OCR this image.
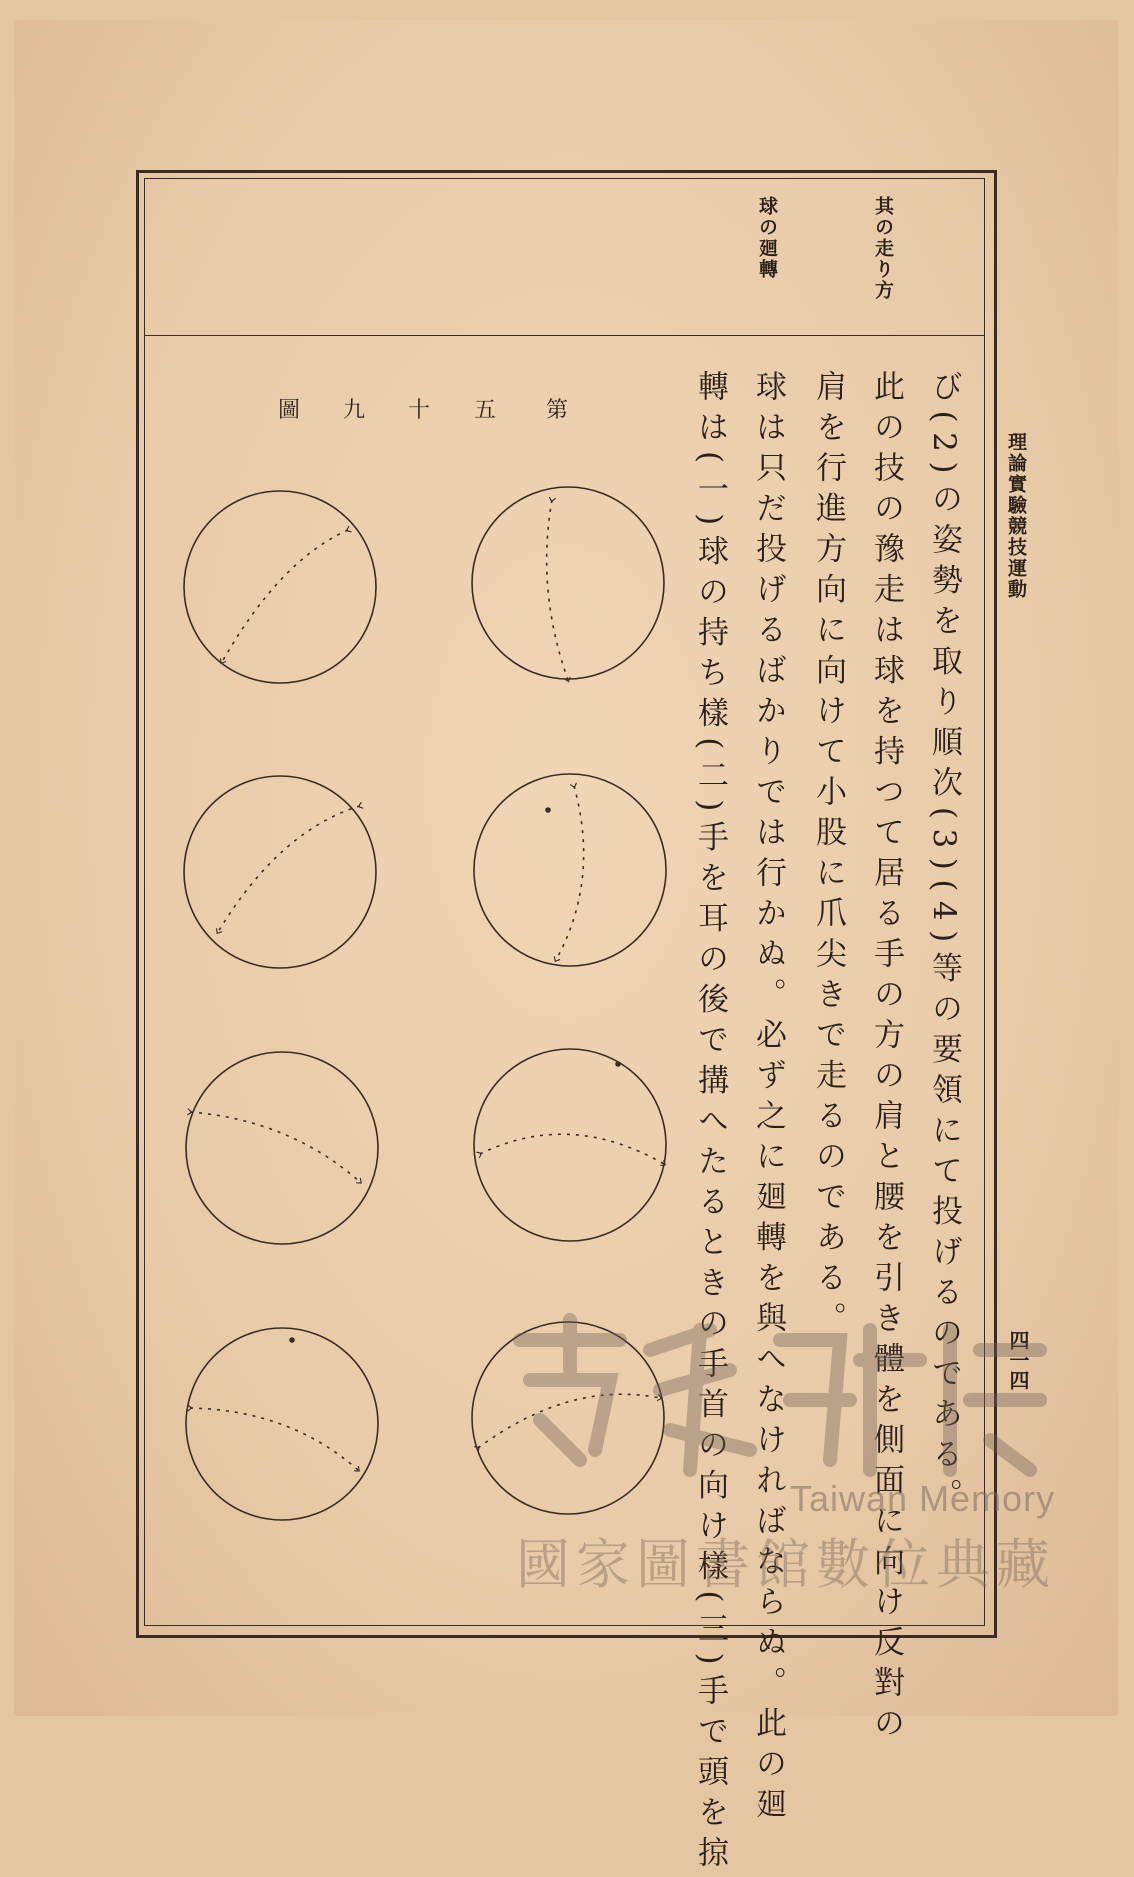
理論實驗競技運動
四一四
其の走り方
球の廻轉
び(2)の姿勢を取り順次(3)(4)等の要領にて投げるのである。
此の技の豫走は球を持つて居る手の方の肩と腰を引き體を側面に向け反對の
肩を行進方向に向けて小股に爪尖きで走るのである。
球は只だ投げるばかりでは行かぬ。必ず之に廻轉を與へなければならぬ。此の廻
轉は(一)球の持ち樣(二)手を耳の後で搆へたるときの手首の向け樣(三)手で頭を掠
第
五
十
九
圖
Taiwan Memory
國家圖書館數位典藏
